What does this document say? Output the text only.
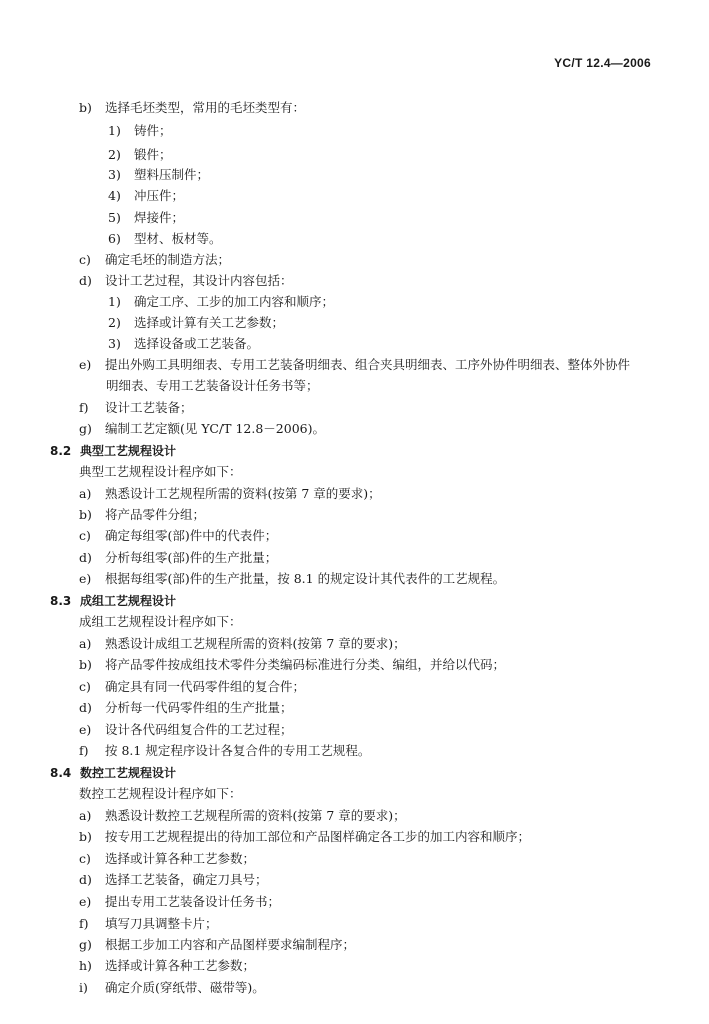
YC/T 12.4—2006
b) 选择毛坯类型，常用的毛坯类型有：
1) 铸件；
2) 锻件；
3) 塑料压制件；
4) 冲压件；
5) 焊接件；
6) 型材、板材等。
c) 确定毛坯的制造方法；
d) 设计工艺过程，其设计内容包括：
1) 确定工序、工步的加工内容和顺序；
2) 选择或计算有关工艺参数；
3) 选择设备或工艺装备。
e) 提出外购工具明细表、专用工艺装备明细表、组合夹具明细表、工序外协件明细表、整体外协件
明细表、专用工艺装备设计任务书等；
f) 设计工艺装备；
g) 编制工艺定额(见 YC/T 12.8－2006)。
8.2 典型工艺规程设计
典型工艺规程设计程序如下：
a) 熟悉设计工艺规程所需的资料(按第 7 章的要求)；
b) 将产品零件分组；
c) 确定每组零(部)件中的代表件；
d) 分析每组零(部)件的生产批量；
e) 根据每组零(部)件的生产批量，按 8.1 的规定设计其代表件的工艺规程。
8.3 成组工艺规程设计
成组工艺规程设计程序如下：
a) 熟悉设计成组工艺规程所需的资料(按第 7 章的要求)；
b) 将产品零件按成组技术零件分类编码标准进行分类、编组，并给以代码；
c) 确定具有同一代码零件组的复合件；
d) 分析每一代码零件组的生产批量；
e) 设计各代码组复合件的工艺过程；
f) 按 8.1 规定程序设计各复合件的专用工艺规程。
8.4 数控工艺规程设计
数控工艺规程设计程序如下：
a) 熟悉设计数控工艺规程所需的资料(按第 7 章的要求)；
b) 按专用工艺规程提出的待加工部位和产品图样确定各工步的加工内容和顺序；
c) 选择或计算各种工艺参数；
d) 选择工艺装备，确定刀具号；
e) 提出专用工艺装备设计任务书；
f) 填写刀具调整卡片；
g) 根据工步加工内容和产品图样要求编制程序；
h) 选择或计算各种工艺参数；
i) 确定介质(穿纸带、磁带等)。
